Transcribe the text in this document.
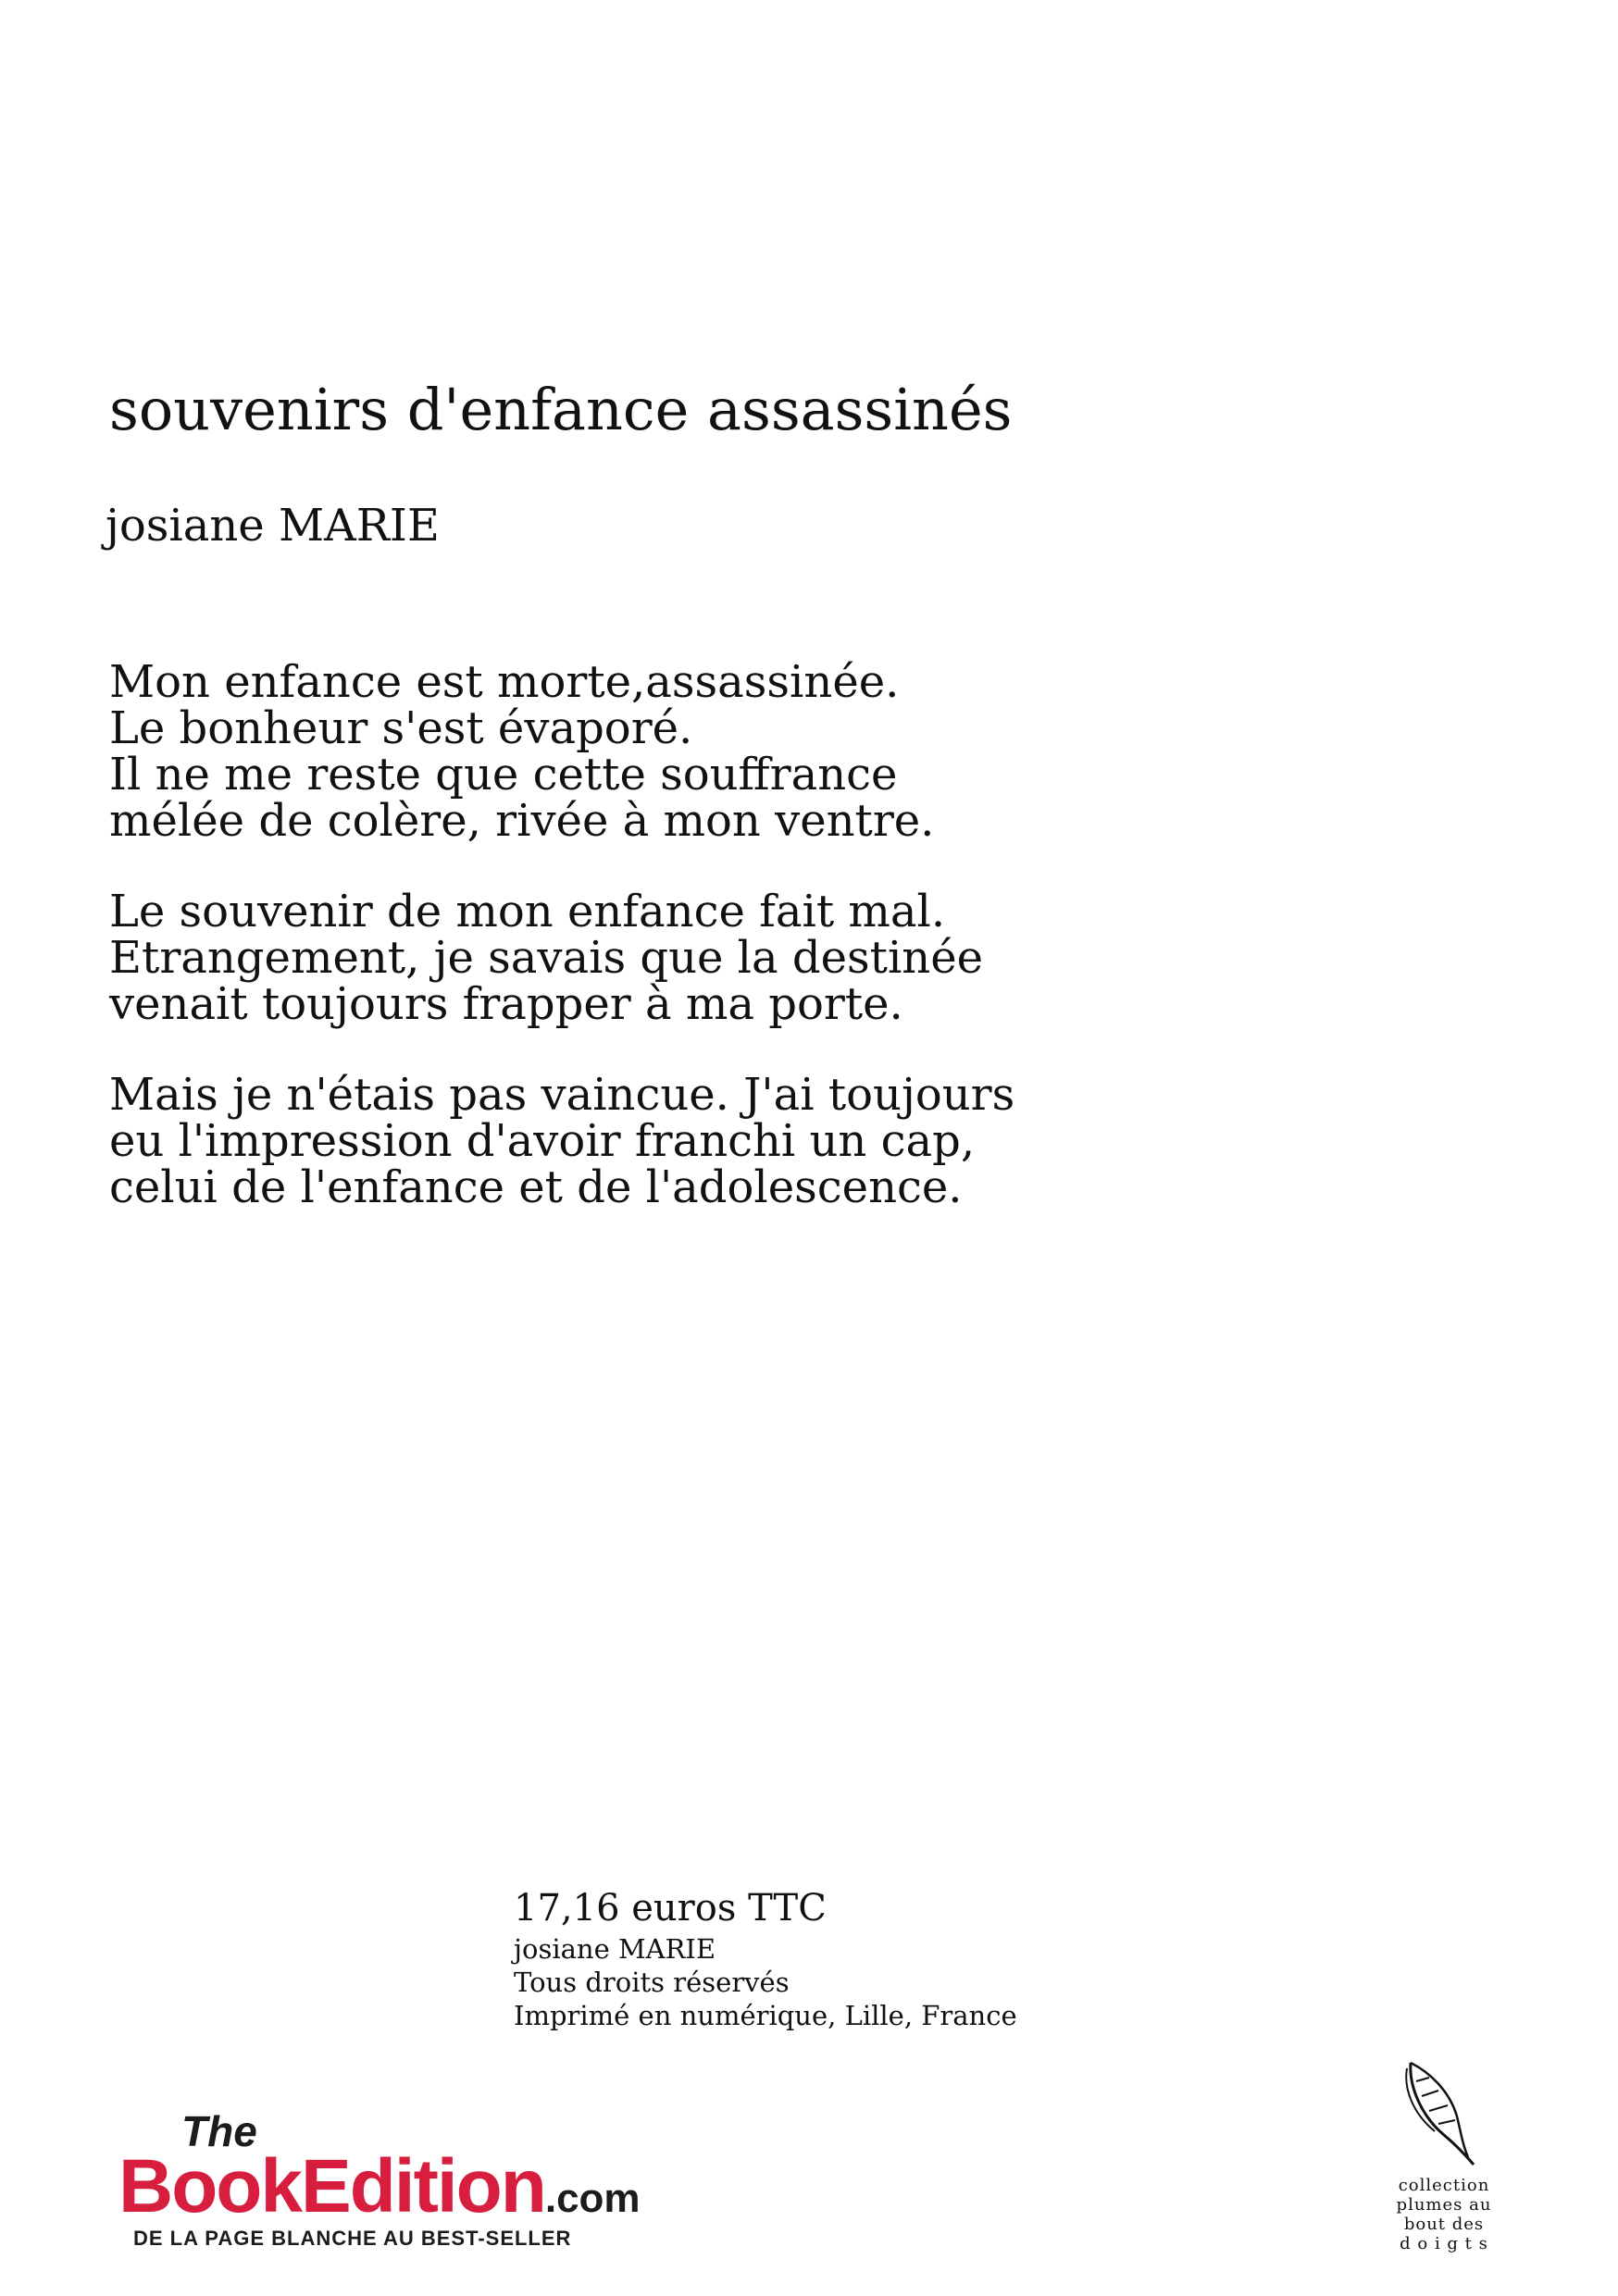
souvenirs d'enfance assassinés
josiane MARIE

Mon enfance est morte,assassinée.
Le bonheur s'est évaporé.
Il ne me reste que cette souffrance
mélée de colère, rivée à mon ventre.

Le souvenir de mon enfance fait mal.
Etrangement, je savais que la destinée
venait toujours frapper à ma porte.

Mais je n'étais pas vaincue. J'ai toujours
eu l'impression d'avoir franchi un cap,
celui de l'enfance et de l'adolescence.

17,16 euros TTC
josiane MARIE
Tous droits réservés
Imprimé en numérique, Lille, France
The
BookEdition.com
DE LA PAGE BLANCHE AU BEST-SELLER
collection
plumes au
bout des
d o i g t s
